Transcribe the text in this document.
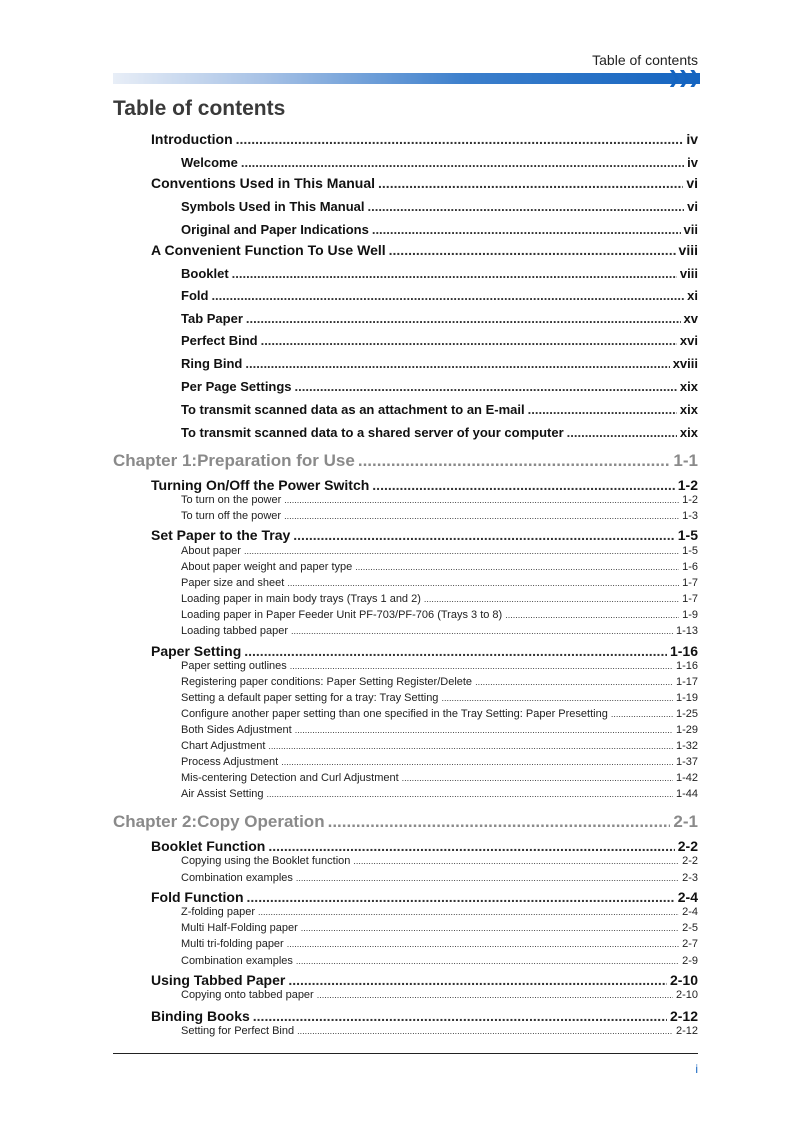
Table of contents
❯❯❯
Table of contents
Introduction .....	iv
Welcome .....	iv
Conventions Used in This Manual .....	vi
Symbols Used in This Manual .....	vi
Original and Paper Indications .....	vii
A Convenient Function To Use Well .....	viii
Booklet .....	viii
Fold .....	xi
Tab Paper .....	xv
Perfect Bind .....	xvi
Ring Bind .....	xviii
Per Page Settings .....	xix
To transmit scanned data as an attachment to an E-mail .....	xix
To transmit scanned data to a shared server of your computer .....	xix
Chapter 1:Preparation for Use .....	1-1
Turning On/Off the Power Switch .....	1-2
To turn on the power .....	1-2
To turn off the power .....	1-3
Set Paper to the Tray .....	1-5
About paper .....	1-5
About paper weight and paper type .....	1-6
Paper size and sheet .....	1-7
Loading paper in main body trays (Trays 1 and 2) .....	1-7
Loading paper in Paper Feeder Unit PF-703/PF-706 (Trays 3 to 8) .....	1-9
Loading tabbed paper .....	1-13
Paper Setting .....	1-16
Paper setting outlines .....	1-16
Registering paper conditions: Paper Setting Register/Delete .....	1-17
Setting a default paper setting for a tray: Tray Setting .....	1-19
Configure another paper setting than one specified in the Tray Setting: Paper Presetting .....	1-25
Both Sides Adjustment .....	1-29
Chart Adjustment .....	1-32
Process Adjustment .....	1-37
Mis-centering Detection and Curl Adjustment .....	1-42
Air Assist Setting .....	1-44
Chapter 2:Copy Operation .....	2-1
Booklet Function .....	2-2
Copying using the Booklet function .....	2-2
Combination examples .....	2-3
Fold Function .....	2-4
Z-folding paper .....	2-4
Multi Half-Folding paper .....	2-5
Multi tri-folding paper .....	2-7
Combination examples .....	2-9
Using Tabbed Paper .....	2-10
Copying onto tabbed paper .....	2-10
Binding Books .....	2-12
Setting for Perfect Bind .....	2-12
i
